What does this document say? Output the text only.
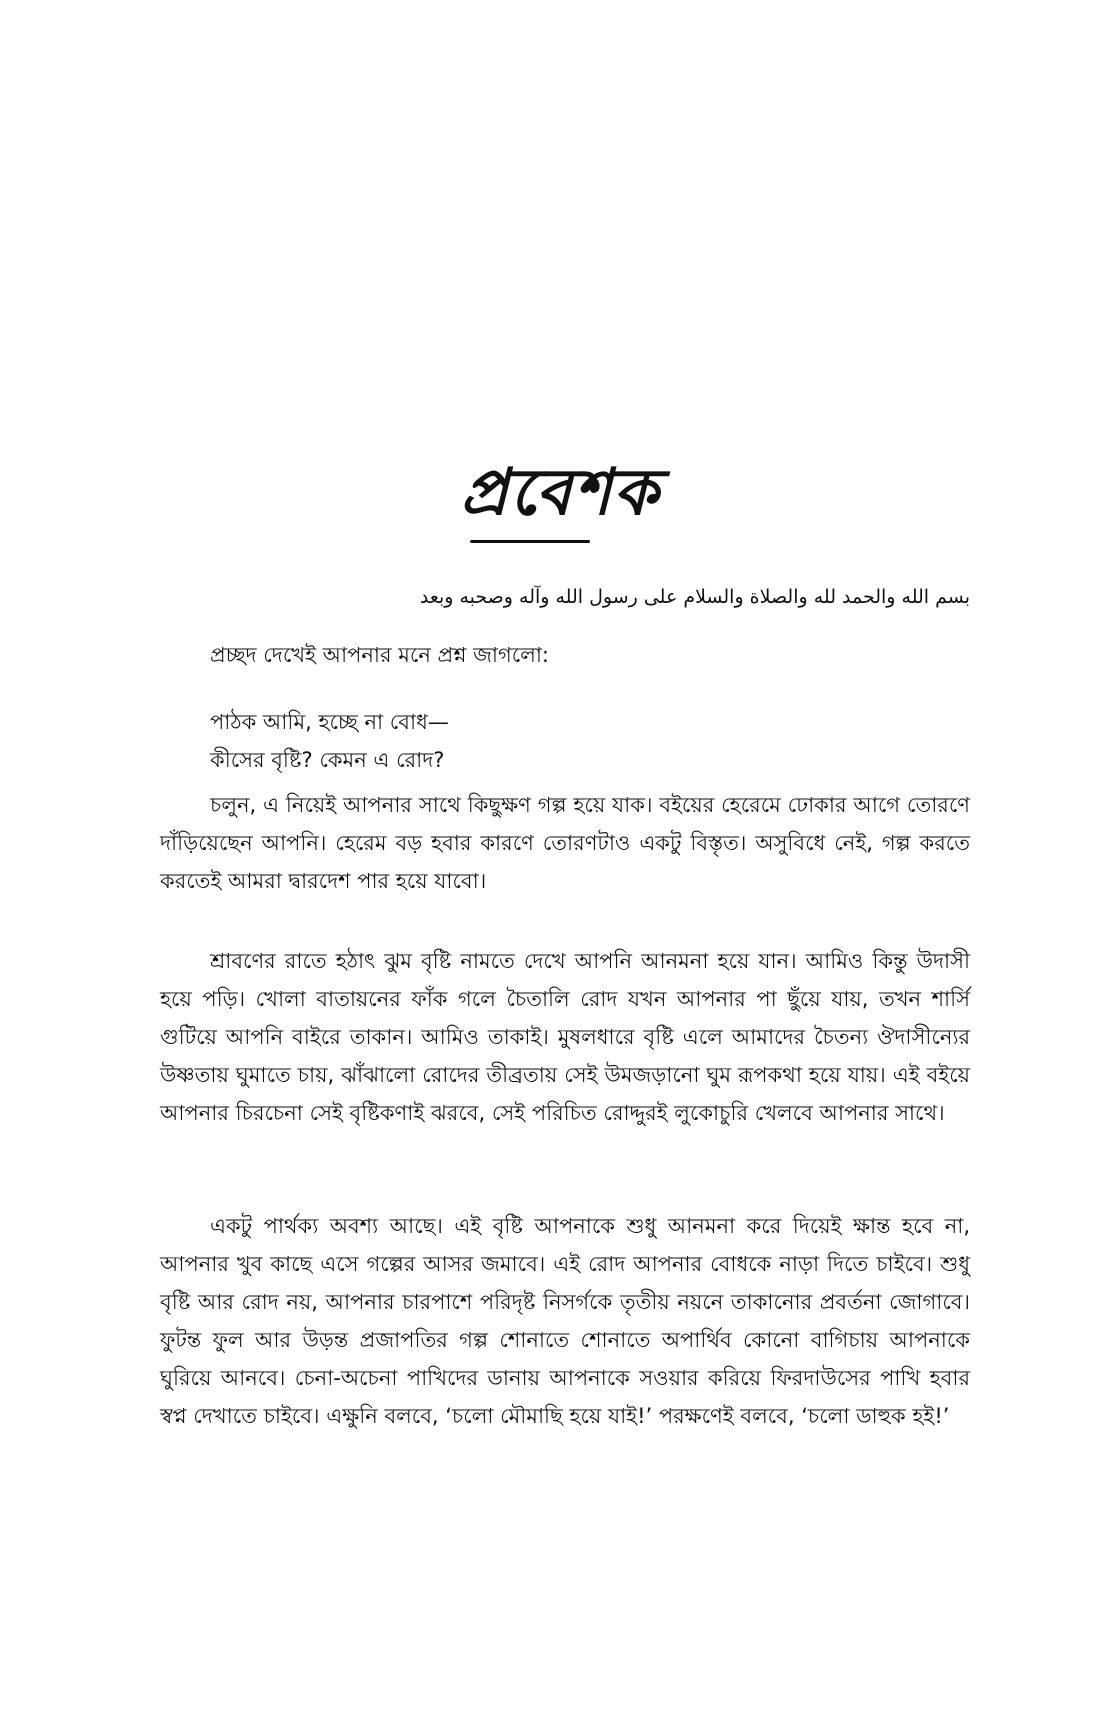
প্রবেশক
بسم الله والحمد لله والصلاة والسلام على رسول الله وآله وصحبه وبعد
প্রচ্ছদ দেখেই আপনার মনে প্রশ্ন জাগলো:
পাঠক আমি, হচ্ছে না বোধ—
কীসের বৃষ্টি? কেমন এ রোদ?

চলুন, এ নিয়েই আপনার সাথে কিছুক্ষণ গল্প হয়ে যাক। বইয়ের হেরেমে ঢোকার আগে তোরণে দাঁড়িয়েছেন আপনি। হেরেম বড় হবার কারণে তোরণটাও একটু বিস্তৃত। অসুবিধে নেই, গল্প করতে করতেই আমরা দ্বারদেশ পার হয়ে যাবো।

শ্রাবণের রাতে হঠাৎ ঝুম বৃষ্টি নামতে দেখে আপনি আনমনা হয়ে যান। আমিও কিন্তু উদাসী হয়ে পড়ি। খোলা বাতায়নের ফাঁক গলে চৈতালি রোদ যখন আপনার পা ছুঁয়ে যায়, তখন শার্সি গুটিয়ে আপনি বাইরে তাকান। আমিও তাকাই। মুষলধারে বৃষ্টি এলে আমাদের চৈতন্য ঔদাসীন্যের উষ্ণতায় ঘুমাতে চায়, ঝাঁঝালো রোদের তীব্রতায় সেই উমজড়ানো ঘুম রূপকথা হয়ে যায়। এই বইয়ে আপনার চিরচেনা সেই বৃষ্টিকণাই ঝরবে, সেই পরিচিত রোদ্দুরই লুকোচুরি খেলবে আপনার সাথে।

একটু পার্থক্য অবশ্য আছে। এই বৃষ্টি আপনাকে শুধু আনমনা করে দিয়েই ক্ষান্ত হবে না, আপনার খুব কাছে এসে গল্পের আসর জমাবে। এই রোদ আপনার বোধকে নাড়া দিতে চাইবে। শুধু বৃষ্টি আর রোদ নয়, আপনার চারপাশে পরিদৃষ্ট নিসর্গকে তৃতীয় নয়নে তাকানোর প্রবর্তনা জোগাবে। ফুটন্ত ফুল আর উড়ন্ত প্রজাপতির গল্প শোনাতে শোনাতে অপার্থিব কোনো বাগিচায় আপনাকে ঘুরিয়ে আনবে। চেনা-অচেনা পাখিদের ডানায় আপনাকে সওয়ার করিয়ে ফিরদাউসের পাখি হবার স্বপ্ন দেখাতে চাইবে। এক্ষুনি বলবে, ‘চলো মৌমাছি হয়ে যাই!’ পরক্ষণেই বলবে, ‘চলো ডাহুক হই!’
